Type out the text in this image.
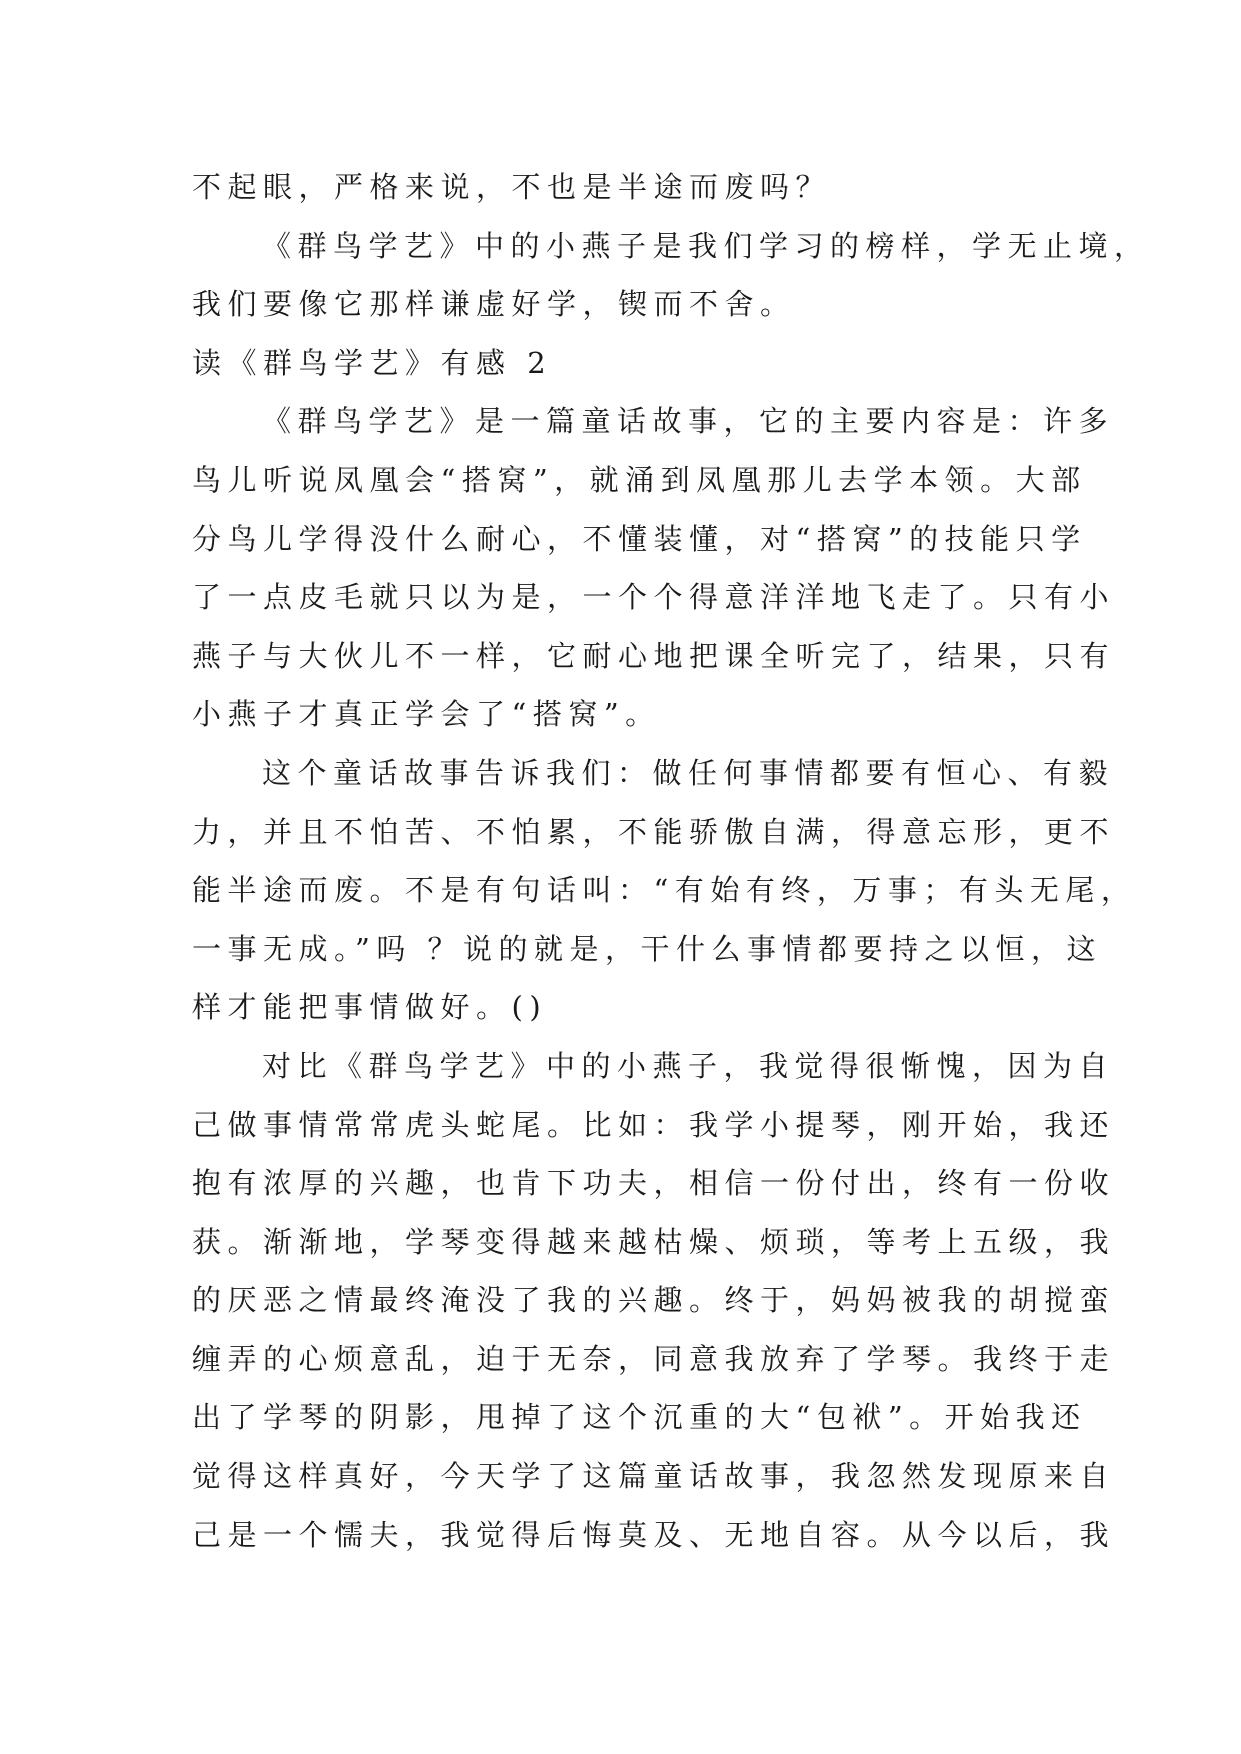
不起眼，严格来说，不也是半途而废吗？
《群鸟学艺》中的小燕子是我们学习的榜样，学无止境，
我们要像它那样谦虚好学，锲而不舍。
读《群鸟学艺》有感 2
《群鸟学艺》是一篇童话故事，它的主要内容是：许多
鸟儿听说凤凰会“搭窝”，就涌到凤凰那儿去学本领。大部
分鸟儿学得没什么耐心，不懂装懂，对“搭窝”的技能只学
了一点皮毛就只以为是，一个个得意洋洋地飞走了。只有小
燕子与大伙儿不一样，它耐心地把课全听完了，结果，只有
小燕子才真正学会了“搭窝”。
这个童话故事告诉我们：做任何事情都要有恒心、有毅
力，并且不怕苦、不怕累，不能骄傲自满，得意忘形，更不
能半途而废。不是有句话叫：“有始有终，万事；有头无尾，
一事无成。”吗 ？说的就是，干什么事情都要持之以恒，这
样才能把事情做好。()
对比《群鸟学艺》中的小燕子，我觉得很惭愧，因为自
己做事情常常虎头蛇尾。比如：我学小提琴，刚开始，我还
抱有浓厚的兴趣，也肯下功夫，相信一份付出，终有一份收
获。渐渐地，学琴变得越来越枯燥、烦琐，等考上五级，我
的厌恶之情最终淹没了我的兴趣。终于，妈妈被我的胡搅蛮
缠弄的心烦意乱，迫于无奈，同意我放弃了学琴。我终于走
出了学琴的阴影，甩掉了这个沉重的大“包袱”。开始我还
觉得这样真好，今天学了这篇童话故事，我忽然发现原来自
己是一个懦夫，我觉得后悔莫及、无地自容。从今以后，我
